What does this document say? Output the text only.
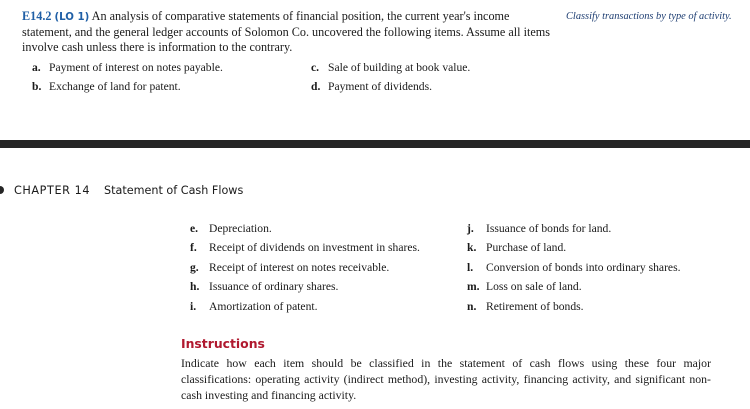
E14.2 (LO 1) An analysis of comparative statements of financial position, the current year's income statement, and the general ledger accounts of Solomon Co. uncovered the following items. Assume all items involve cash unless there is information to the contrary.
Classify transactions by type of activity.
a. Payment of interest on notes payable.
b. Exchange of land for patent.
c. Sale of building at book value.
d. Payment of dividends.
CHAPTER 14 Statement of Cash Flows
e. Depreciation.
f. Receipt of dividends on investment in shares.
g. Receipt of interest on notes receivable.
h. Issuance of ordinary shares.
i. Amortization of patent.
j. Issuance of bonds for land.
k. Purchase of land.
l. Conversion of bonds into ordinary shares.
m. Loss on sale of land.
n. Retirement of bonds.
Instructions
Indicate how each item should be classified in the statement of cash flows using these four major classifications: operating activity (indirect method), investing activity, financing activity, and significant non-cash investing and financing activity.
